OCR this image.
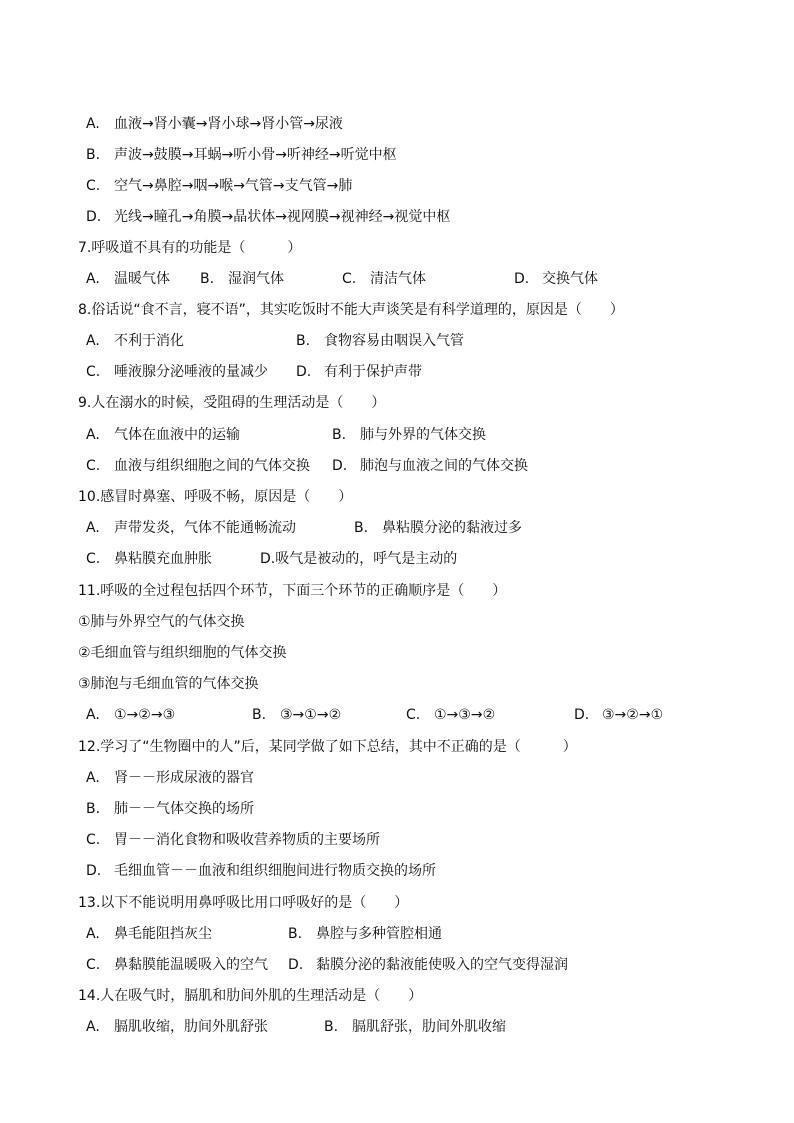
A. 血液→肾小囊→肾小球→肾小管→尿液
B. 声波→鼓膜→耳蜗→听小骨→听神经→听觉中枢
C. 空气→鼻腔→咽→喉→气管→支气管→肺
D. 光线→瞳孔→角膜→晶状体→视网膜→视神经→视觉中枢
7.呼吸道不具有的功能是（　　　）
A. 温暖气体 B. 湿润气体	C. 清洁气体	D. 交换气体
8.俗话说“食不言，寝不语”，其实吃饭时不能大声谈笑是有科学道理的，原因是（　　）
A. 不利于消化	B. 食物容易由咽误入气管
C. 唾液腺分泌唾液的量减少 D. 有利于保护声带
9.人在溺水的时候，受阻碍的生理活动是（　　）
A. 气体在血液中的运输	B. 肺与外界的气体交换
C. 血液与组织细胞之间的气体交换 D. 肺泡与血液之间的气体交换
10.感冒时鼻塞、呼吸不畅，原因是（　　）
A. 声带发炎，气体不能通畅流动	B. 鼻粘膜分泌的黏液过多
C. 鼻粘膜充血肿胀	D.吸气是被动的，呼气是主动的
11.呼吸的全过程包括四个环节，下面三个环节的正确顺序是（　　）
①肺与外界空气的气体交换
②毛细血管与组织细胞的气体交换
③肺泡与毛细血管的气体交换
A. ①→②→③	B. ③→①→②	C. ①→③→②	D. ③→②→①
12.学习了“生物圈中的人”后，某同学做了如下总结，其中不正确的是（　　　）
A. 肾－－形成尿液的器官
B. 肺－－气体交换的场所
C. 胃－－消化食物和吸收营养物质的主要场所
D. 毛细血管－－血液和组织细胞间进行物质交换的场所
13.以下不能说明用鼻呼吸比用口呼吸好的是（　　）
A. 鼻毛能阻挡灰尘	B. 鼻腔与多种管腔相通
C. 鼻黏膜能温暖吸入的空气 D. 黏膜分泌的黏液能使吸入的空气变得湿润
14.人在吸气时，膈肌和肋间外肌的生理活动是（　　）
A. 膈肌收缩，肋间外肌舒张	B. 膈肌舒张，肋间外肌收缩
